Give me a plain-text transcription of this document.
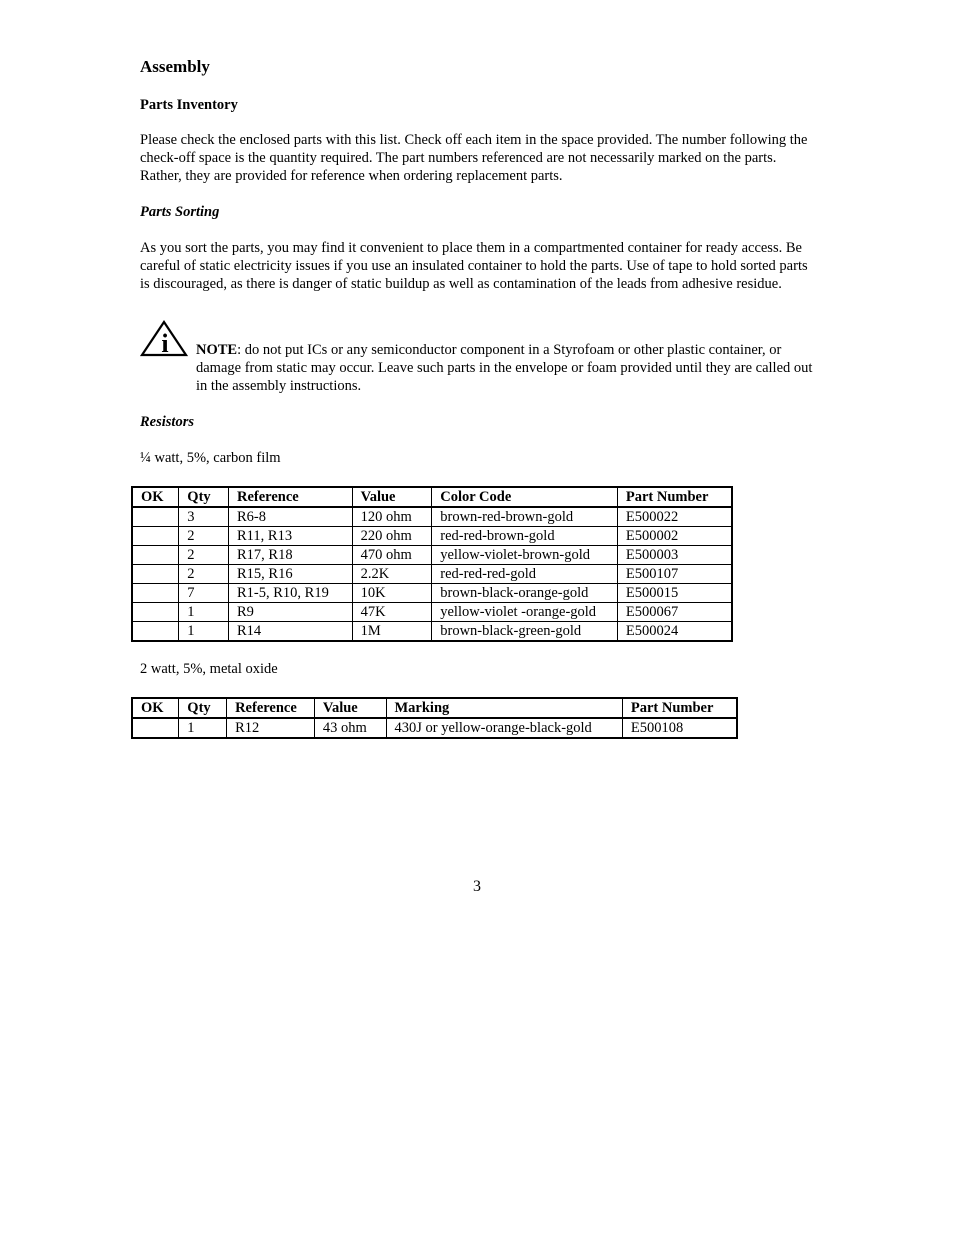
Assembly
Parts Inventory
Please check the enclosed parts with this list. Check off each item in the space provided. The number following the check-off space is the quantity required. The part numbers referenced are not necessarily marked on the parts. Rather, they are provided for reference when ordering replacement parts.
Parts Sorting
As you sort the parts, you may find it convenient to place them in a compartmented container for ready access. Be careful of static electricity issues if you use an insulated container to hold the parts. Use of tape to hold sorted parts is discouraged, as there is danger of static buildup as well as contamination of the leads from adhesive residue.
i NOTE: do not put ICs or any semiconductor component in a Styrofoam or other plastic container, or damage from static may occur. Leave such parts in the envelope or foam provided until they are called out in the assembly instructions.
Resistors
¼ watt, 5%, carbon film
OK	Qty	Reference	Value	Color Code	Part Number
	3	R6-8	120 ohm	brown-red-brown-gold	E500022
	2	R11, R13	220 ohm	red-red-brown-gold	E500002
	2	R17, R18	470 ohm	yellow-violet-brown-gold	E500003
	2	R15, R16	2.2K	red-red-red-gold	E500107
	7	R1-5, R10, R19	10K	brown-black-orange-gold	E500015
	1	R9	47K	yellow-violet -orange-gold	E500067
	1	R14	1M	brown-black-green-gold	E500024
2 watt, 5%, metal oxide
OK	Qty	Reference	Value	Marking	Part Number
	1	R12	43 ohm	430J or yellow-orange-black-gold	E500108
3
